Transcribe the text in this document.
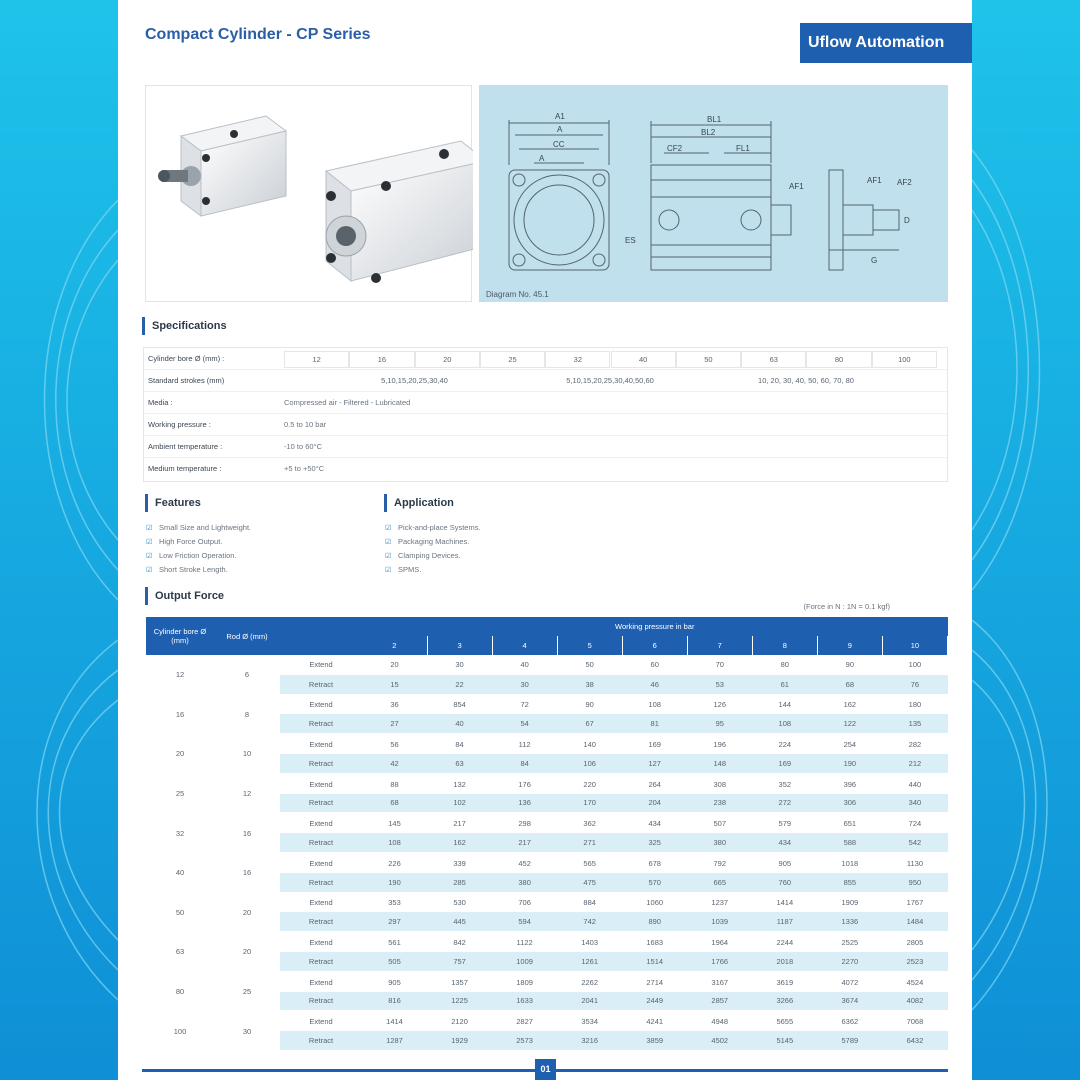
Compact Cylinder - CP Series	Uflow Automation
A1
A
CC
A
BL1
BL2
CF2	FL1
AF1
AF1 AF2
ES
G
D
Diagram No. 45.1
Specifications
Cylinder bore Ø (mm) :	12	16	20	25	32	40	50	63	80	100
Standard strokes (mm)	5,10,15,20,25,30,40	5,10,15,20,25,30,40,50,60	10, 20, 30, 40, 50, 60, 70, 80
Media :	Compressed air - Filtered - Lubricated
Working pressure :	0.5 to 10 bar
Ambient temperature :	-10 to 60°C
Medium temperature :	+5 to +50°C
Features
☑ Small Size and Lightweight.
☑ High Force Output.
☑ Low Friction Operation.
☑ Short Stroke Length.
Application
☑ Pick-and-place Systems.
☑ Packaging Machines.
☑ Clamping Devices.
☑ SPMS.
Output Force
(Force in N : 1N = 0.1 kgf)
Cylinder bore Ø (mm)	Rod Ø (mm)		Working pressure in bar								
			2	3	4	5	6	7	8	9	10
12	6	Extend	20	30	40	50	60	70	80	90	100
		Retract	15	22	30	38	46	53	61	68	76
16	8	Extend	36	854	72	90	108	126	144	162	180
		Retract	27	40	54	67	81	95	108	122	135
20	10	Extend	56	84	112	140	169	196	224	254	282
		Retract	42	63	84	106	127	148	169	190	212
25	12	Extend	88	132	176	220	264	308	352	396	440
		Retract	68	102	136	170	204	238	272	306	340
32	16	Extend	145	217	298	362	434	507	579	651	724
		Retract	108	162	217	271	325	380	434	588	542
40	16	Extend	226	339	452	565	678	792	905	1018	1130
		Retract	190	285	380	475	570	665	760	855	950
50	20	Extend	353	530	706	884	1060	1237	1414	1909	1767
		Retract	297	445	594	742	890	1039	1187	1336	1484
63	20	Extend	561	842	1122	1403	1683	1964	2244	2525	2805
		Retract	505	757	1009	1261	1514	1766	2018	2270	2523
80	25	Extend	905	1357	1809	2262	2714	3167	3619	4072	4524
		Retract	816	1225	1633	2041	2449	2857	3266	3674	4082
100	30	Extend	1414	2120	2827	3534	4241	4948	5655	6362	7068
		Retract	1287	1929	2573	3216	3859	4502	5145	5789	6432
01
